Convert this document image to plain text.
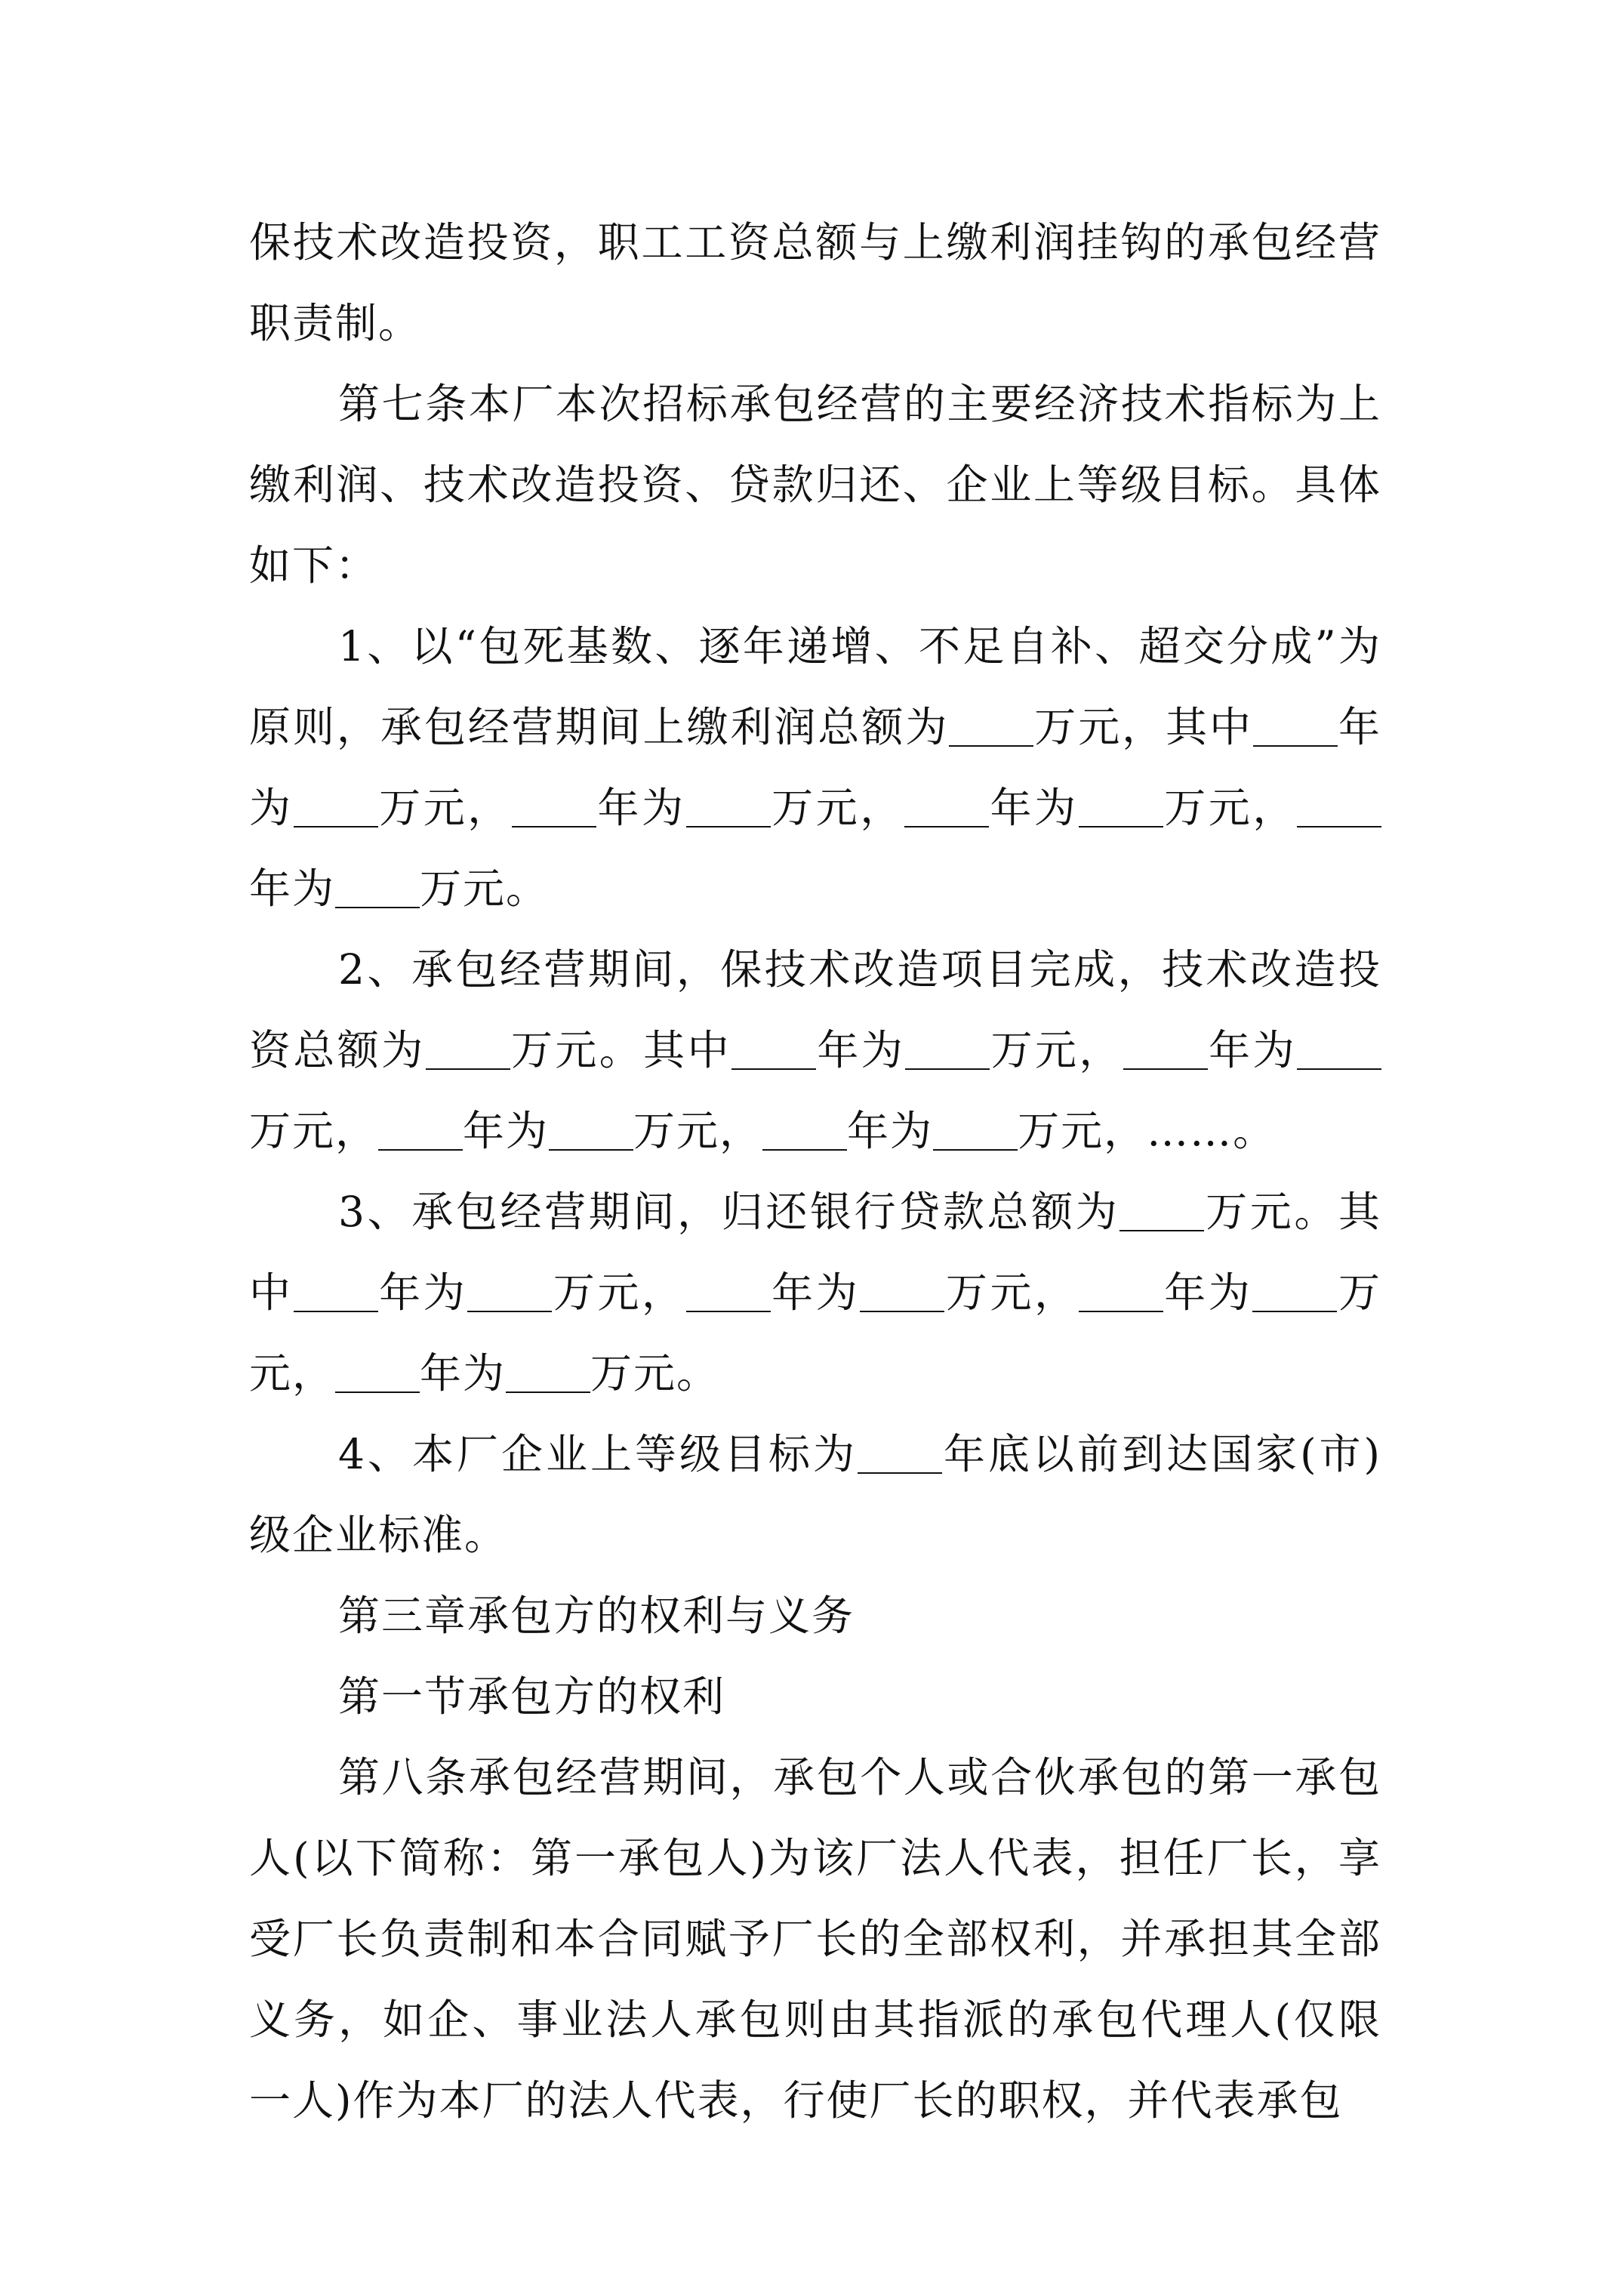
保技术改造投资，职工工资总额与上缴利润挂钩的承包经营职责制。

第七条本厂本次招标承包经营的主要经济技术指标为上缴利润、技术改造投资、贷款归还、企业上等级目标。具体如下：

1、以“包死基数、逐年递增、不足自补、超交分成”为原则，承包经营期间上缴利润总额为 万元，其中 年为 万元， 年为 万元， 年为 万元，年为 万元。

2、承包经营期间，保技术改造项目完成，技术改造投资总额为 万元。其中 年为 万元， 年为万元， 年为 万元， 年为 万元，……。

3、承包经营期间，归还银行贷款总额为 万元。其中 年为 万元， 年为 万元， 年为 万元， 年为 万元。

4、本厂企业上等级目标为 年底以前到达国家(市)级企业标准。

第三章承包方的权利与义务

第一节承包方的权利

第八条承包经营期间，承包个人或合伙承包的第一承包人(以下简称：第一承包人)为该厂法人代表，担任厂长，享受厂长负责制和本合同赋予厂长的全部权利，并承担其全部义务，如企、事业法人承包则由其指派的承包代理人(仅限一人)作为本厂的法人代表，行使厂长的职权，并代表承包
